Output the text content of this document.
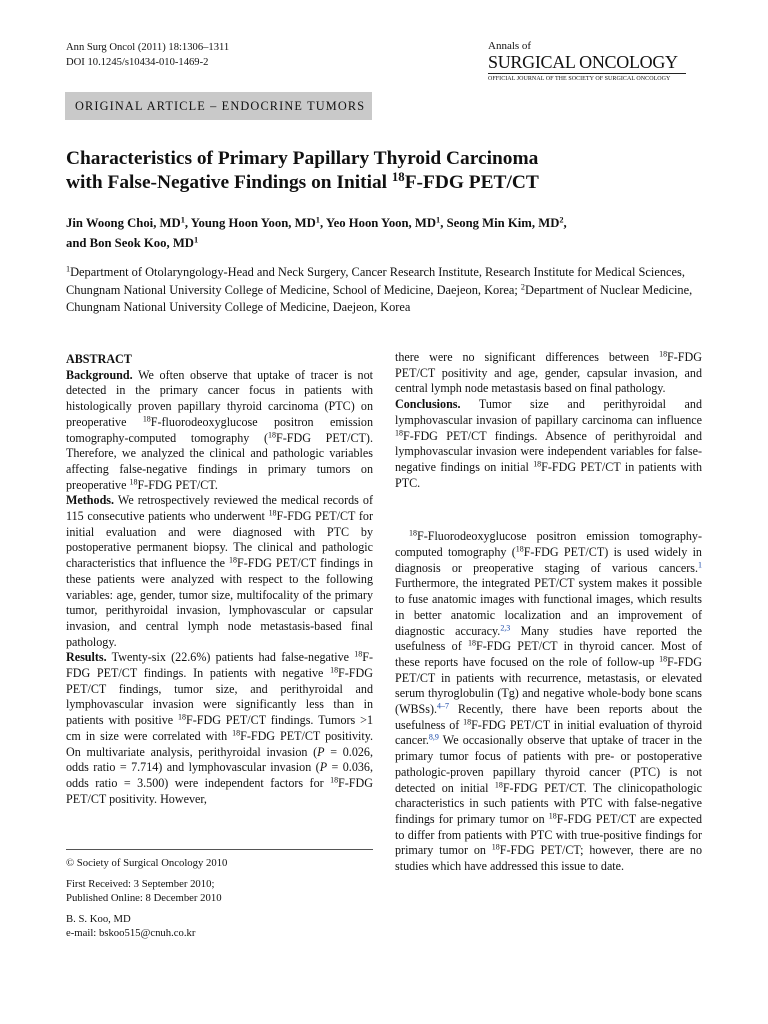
Ann Surg Oncol (2011) 18:1306–1311
DOI 10.1245/s10434-010-1469-2
Annals of
SURGICAL ONCOLOGY
OFFICIAL JOURNAL OF THE SOCIETY OF SURGICAL ONCOLOGY
ORIGINAL ARTICLE – ENDOCRINE TUMORS
Characteristics of Primary Papillary Thyroid Carcinoma
with False-Negative Findings on Initial $^{18}$F-FDG PET/CT
Jin Woong Choi, $MD^1$, Young Hoon Yoon, $MD^1$, Yeo Hoon Yoon, $MD^1$, Seong Min Kim, $MD^2$,
and Bon Seok Koo, $MD^1$
$^1$Department of Otolaryngology-Head and Neck Surgery, Cancer Research Institute, Research Institute for Medical Sciences, Chungnam National University College of Medicine, School of Medicine, Daejeon, Korea; $^2$Department of Nuclear Medicine, Chungnam National University College of Medicine, Daejeon, Korea

ABSTRACT

Background. We often observe that uptake of tracer is not detected in the primary cancer focus in patients with histologically proven papillary thyroid carcinoma (PTC) on preoperative $^{18}$F-fluorodeoxyglucose positron emission tomography-computed tomography ($^{18}$F-FDG PET/CT). Therefore, we analyzed the clinical and pathologic variables affecting false-negative findings in primary tumors on preoperative $^{18}$F-FDG PET/CT.

Methods. We retrospectively reviewed the medical records of 115 consecutive patients who underwent $^{18}$F-FDG PET/CT for initial evaluation and were diagnosed with PTC by postoperative permanent biopsy. The clinical and pathologic characteristics that influence the $^{18}$F-FDG PET/CT findings in these patients were analyzed with respect to the following variables: age, gender, tumor size, multifocality of the primary tumor, perithyroidal invasion, lymphovascular or capsular invasion, and central lymph node metastasis-based final pathology.

Results. Twenty-six (22.6%) patients had false-negative $^{18}$F-FDG PET/CT findings. In patients with negative $^{18}$F-FDG PET/CT findings, tumor size, and perithyroidal and lymphovascular invasion were significantly less than in patients with positive $^{18}$F-FDG PET/CT findings. Tumors >1 cm in size were correlated with $^{18}$F-FDG PET/CT positivity. On multivariate analysis, perithyroidal invasion (P = 0.026, odds ratio = 7.714) and lymphovascular invasion (P = 0.036, odds ratio = 3.500) were independent factors for $^{18}$F-FDG PET/CT positivity. However,

there were no significant differences between $^{18}$F-FDG PET/CT positivity and age, gender, capsular invasion, and central lymph node metastasis based on final pathology.

Conclusions. Tumor size and perithyroidal and lymphovascular invasion of papillary carcinoma can influence $^{18}$F-FDG PET/CT findings. Absence of perithyroidal and lymphovascular invasion were independent variables for false-negative findings on initial $^{18}$F-FDG PET/CT in patients with PTC.

$^{18}$F-Fluorodeoxyglucose positron emission tomography-computed tomography ($^{18}$F-FDG PET/CT) is used widely in diagnosis or preoperative staging of various cancers.$^1$ Furthermore, the integrated PET/CT system makes it possible to fuse anatomic images with functional images, which results in better anatomic localization and an improvement of diagnostic accuracy.$^{2,3}$ Many studies have reported the usefulness of $^{18}$F-FDG PET/CT in thyroid cancer. Most of these reports have focused on the role of follow-up $^{18}$F-FDG PET/CT in patients with recurrence, metastasis, or elevated serum thyroglobulin (Tg) and negative whole-body bone scans (WBSs).$^{4-7}$ Recently, there have been reports about the usefulness of $^{18}$F-FDG PET/CT in initial evaluation of thyroid cancer.$^{8,9}$ We occasionally observe that uptake of tracer in the primary tumor focus of patients with pre- or postoperative pathologic-proven papillary thyroid cancer (PTC) is not detected on initial $^{18}$F-FDG PET/CT. The clinicopathologic characteristics in such patients with PTC with false-negative findings for primary tumor on $^{18}$F-FDG PET/CT are expected to differ from patients with PTC with true-positive findings for primary tumor on $^{18}$F-FDG PET/CT; however, there are no studies which have addressed this issue to date.

© Society of Surgical Oncology 2010
First Received: 3 September 2010;
Published Online: 8 December 2010
B. S. Koo, MD
e-mail: bskoo515@cnuh.co.kr
